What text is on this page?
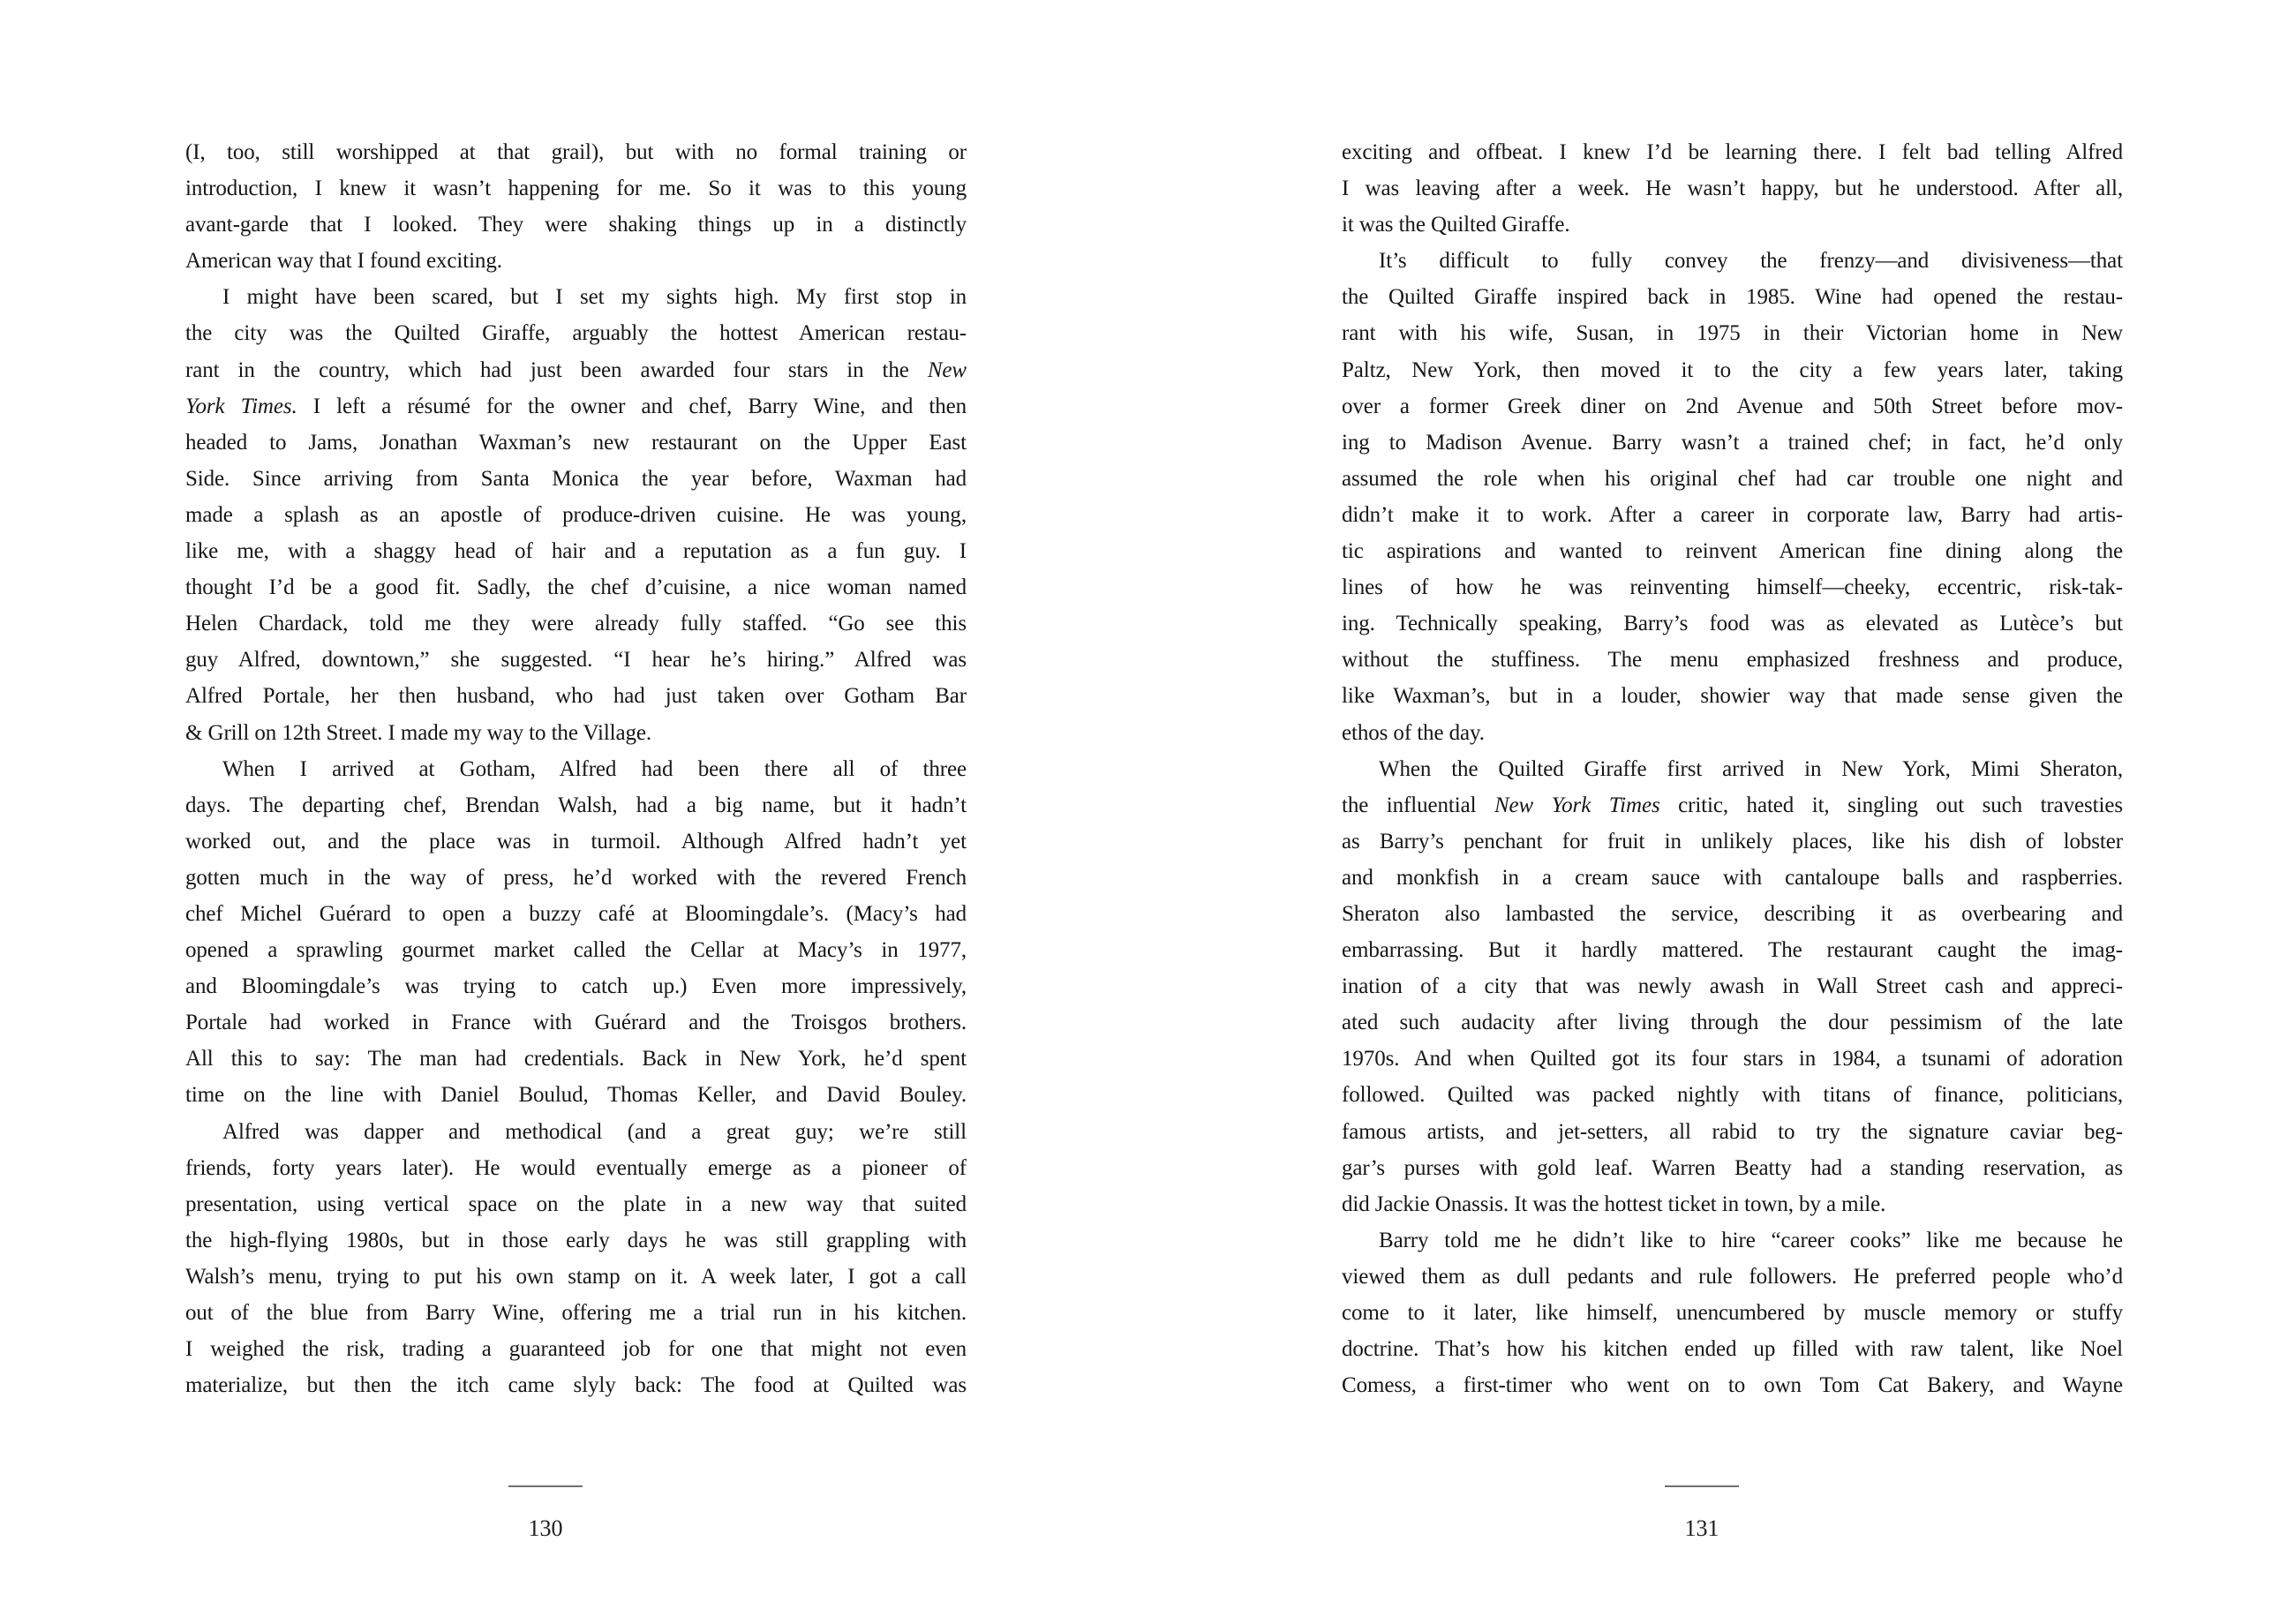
(I, too, still worshipped at that grail), but with no formal training or
introduction, I knew it wasn’t happening for me. So it was to this young
avant-garde that I looked. They were shaking things up in a distinctly
American way that I found exciting.
I might have been scared, but I set my sights high. My first stop in
the city was the Quilted Giraffe, arguably the hottest American restau-
rant in the country, which had just been awarded four stars in the New
York Times. I left a résumé for the owner and chef, Barry Wine, and then
headed to Jams, Jonathan Waxman’s new restaurant on the Upper East
Side. Since arriving from Santa Monica the year before, Waxman had
made a splash as an apostle of produce-driven cuisine. He was young,
like me, with a shaggy head of hair and a reputation as a fun guy. I
thought I’d be a good fit. Sadly, the chef d’cuisine, a nice woman named
Helen Chardack, told me they were already fully staffed. “Go see this
guy Alfred, downtown,” she suggested. “I hear he’s hiring.” Alfred was
Alfred Portale, her then husband, who had just taken over Gotham Bar
& Grill on 12th Street. I made my way to the Village.
When I arrived at Gotham, Alfred had been there all of three
days. The departing chef, Brendan Walsh, had a big name, but it hadn’t
worked out, and the place was in turmoil. Although Alfred hadn’t yet
gotten much in the way of press, he’d worked with the revered French
chef Michel Guérard to open a buzzy café at Bloomingdale’s. (Macy’s had
opened a sprawling gourmet market called the Cellar at Macy’s in 1977,
and Bloomingdale’s was trying to catch up.) Even more impressively,
Portale had worked in France with Guérard and the Troisgos brothers.
All this to say: The man had credentials. Back in New York, he’d spent
time on the line with Daniel Boulud, Thomas Keller, and David Bouley.
Alfred was dapper and methodical (and a great guy; we’re still
friends, forty years later). He would eventually emerge as a pioneer of
presentation, using vertical space on the plate in a new way that suited
the high-flying 1980s, but in those early days he was still grappling with
Walsh’s menu, trying to put his own stamp on it. A week later, I got a call
out of the blue from Barry Wine, offering me a trial run in his kitchen.
I weighed the risk, trading a guaranteed job for one that might not even
materialize, but then the itch came slyly back: The food at Quilted was
130
exciting and offbeat. I knew I’d be learning there. I felt bad telling Alfred
I was leaving after a week. He wasn’t happy, but he understood. After all,
it was the Quilted Giraffe.
It’s difficult to fully convey the frenzy—and divisiveness—that
the Quilted Giraffe inspired back in 1985. Wine had opened the restau-
rant with his wife, Susan, in 1975 in their Victorian home in New
Paltz, New York, then moved it to the city a few years later, taking
over a former Greek diner on 2nd Avenue and 50th Street before mov-
ing to Madison Avenue. Barry wasn’t a trained chef; in fact, he’d only
assumed the role when his original chef had car trouble one night and
didn’t make it to work. After a career in corporate law, Barry had artis-
tic aspirations and wanted to reinvent American fine dining along the
lines of how he was reinventing himself—cheeky, eccentric, risk-tak-
ing. Technically speaking, Barry’s food was as elevated as Lutèce’s but
without the stuffiness. The menu emphasized freshness and produce,
like Waxman’s, but in a louder, showier way that made sense given the
ethos of the day.
When the Quilted Giraffe first arrived in New York, Mimi Sheraton,
the influential New York Times critic, hated it, singling out such travesties
as Barry’s penchant for fruit in unlikely places, like his dish of lobster
and monkfish in a cream sauce with cantaloupe balls and raspberries.
Sheraton also lambasted the service, describing it as overbearing and
embarrassing. But it hardly mattered. The restaurant caught the imag-
ination of a city that was newly awash in Wall Street cash and appreci-
ated such audacity after living through the dour pessimism of the late
1970s. And when Quilted got its four stars in 1984, a tsunami of adoration
followed. Quilted was packed nightly with titans of finance, politicians,
famous artists, and jet-setters, all rabid to try the signature caviar beg-
gar’s purses with gold leaf. Warren Beatty had a standing reservation, as
did Jackie Onassis. It was the hottest ticket in town, by a mile.
Barry told me he didn’t like to hire “career cooks” like me because he
viewed them as dull pedants and rule followers. He preferred people who’d
come to it later, like himself, unencumbered by muscle memory or stuffy
doctrine. That’s how his kitchen ended up filled with raw talent, like Noel
Comess, a first-timer who went on to own Tom Cat Bakery, and Wayne
131
